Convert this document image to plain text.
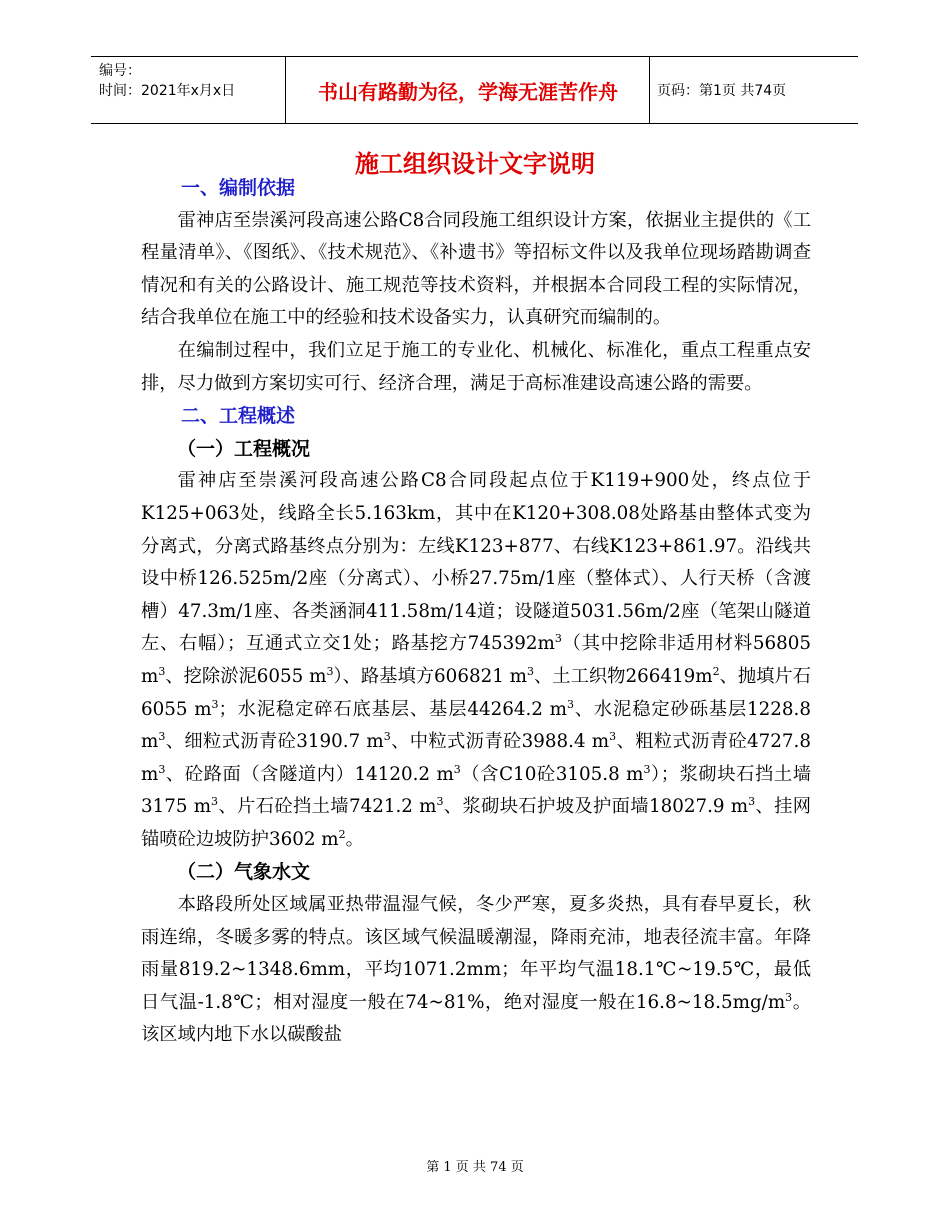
编号：
时间：2021年x月x日	书山有路勤为径，学海无涯苦作舟	页码：第1页 共74页
施工组织设计文字说明

一、编制依据

雷神店至崇溪河段高速公路C8合同段施工组织设计方案，依据业主提供的《工程量清单》、《图纸》、《技术规范》、《补遗书》等招标文件以及我单位现场踏勘调查情况和有关的公路设计、施工规范等技术资料，并根据本合同段工程的实际情况，结合我单位在施工中的经验和技术设备实力，认真研究而编制的。

在编制过程中，我们立足于施工的专业化、机械化、标准化，重点工程重点安排，尽力做到方案切实可行、经济合理，满足于高标准建设高速公路的需要。

二、工程概述

（一）工程概况

雷神店至崇溪河段高速公路C8合同段起点位于K119+900处，终点位于K125+063处，线路全长5.163km，其中在K120+308.08处路基由整体式变为分离式，分离式路基终点分别为：左线K123+877、右线K123+861.97。沿线共设中桥126.525m/2座（分离式）、小桥27.75m/1座（整体式）、人行天桥（含渡槽）47.3m/1座、各类涵洞411.58m/14道；设隧道5031.56m/2座（笔架山隧道左、右幅）；互通式立交1处；路基挖方$745392m^3$（其中挖除非适用材料56805 $m^3$、挖除淤泥6055 $m^3$）、路基填方606821 $m^3$、土工织物$266419m^2$、抛填片石6055 $m^3$；水泥稳定碎石底基层、基层44264.2 $m^3$、水泥稳定砂砾基层1228.8 $m^3$、细粒式沥青砼3190.7 $m^3$、中粒式沥青砼3988.4 $m^3$、粗粒式沥青砼4727.8 $m^3$、砼路面（含隧道内）14120.2 $m^3$（含C10砼3105.8 $m^3$）；浆砌块石挡土墙3175 $m^3$、片石砼挡土墙7421.2 $m^3$、浆砌块石护坡及护面墙18027.9 $m^3$、挂网锚喷砼边坡防护3602 $m^2$。

（二）气象水文

本路段所处区域属亚热带温湿气候，冬少严寒，夏多炎热，具有春早夏长，秋雨连绵，冬暖多雾的特点。该区域气候温暖潮湿，降雨充沛，地表径流丰富。年降雨量819.2~1348.6mm，平均1071.2mm；年平均气温18.1℃~19.5℃，最低日气温-1.8℃；相对湿度一般在74~81%，绝对湿度一般在$16.8\sim 18.5mg/m^3$。该区域内地下水以碳酸盐

第 1 页 共 74 页
